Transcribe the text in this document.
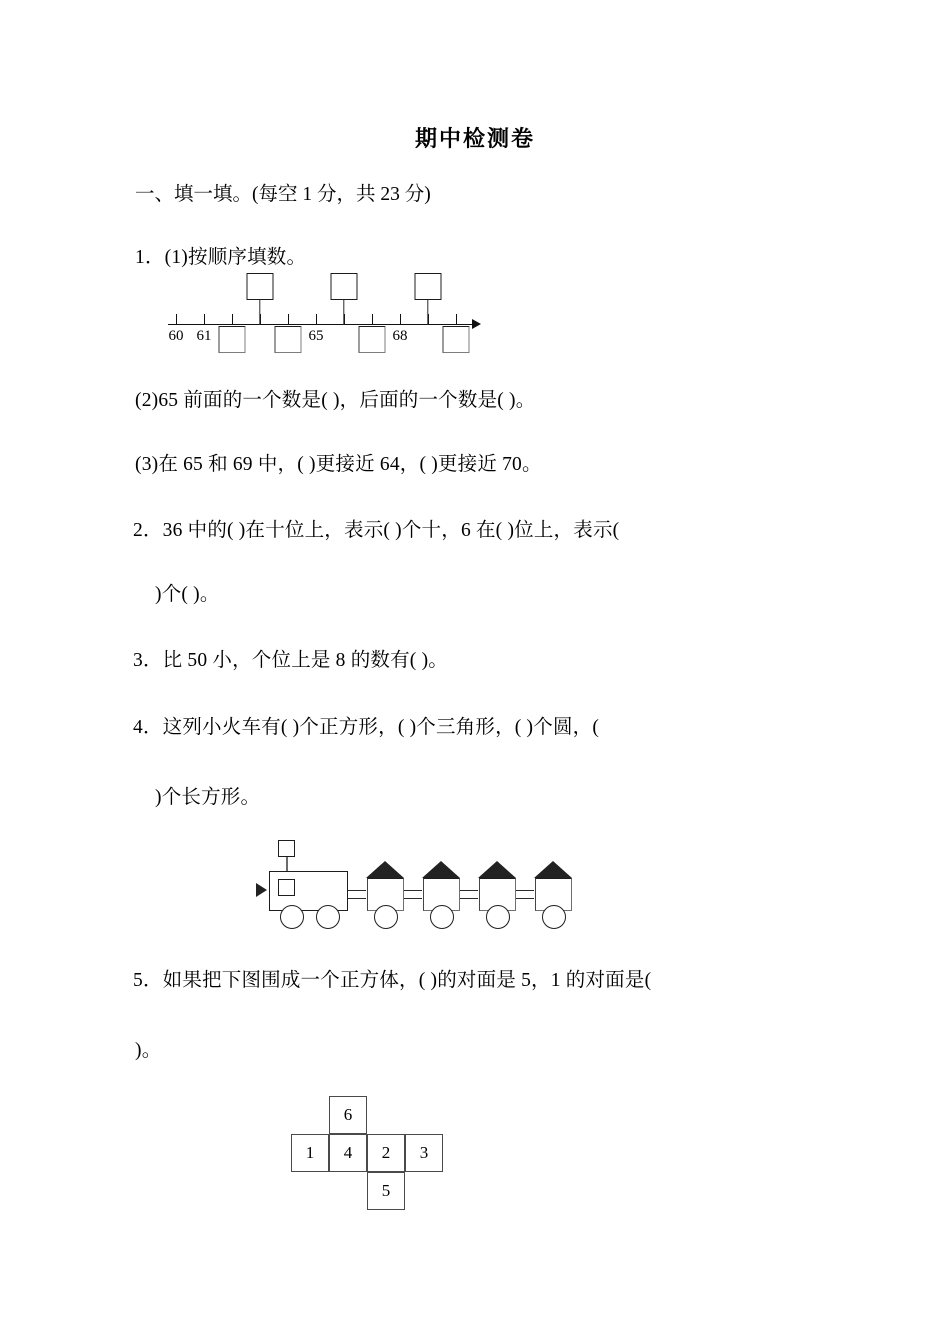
期中检测卷
一、填一填。(每空 1 分，共 23 分)
1．(1)按顺序填数。
60 61	65	68
(2)65 前面的一个数是( )，后面的一个数是( )。
(3)在 65 和 69 中，( )更接近 64，( )更接近 70。
2．36 中的( )在十位上，表示( )个十，6 在( )位上，表示(
)个( )。
3．比 50 小，个位上是 8 的数有( )。
4．这列小火车有( )个正方形，( )个三角形，( )个圆，(
)个长方形。
5．如果把下图围成一个正方体，( )的对面是 5，1 的对面是(
)。
6
1	4	2	3
5
